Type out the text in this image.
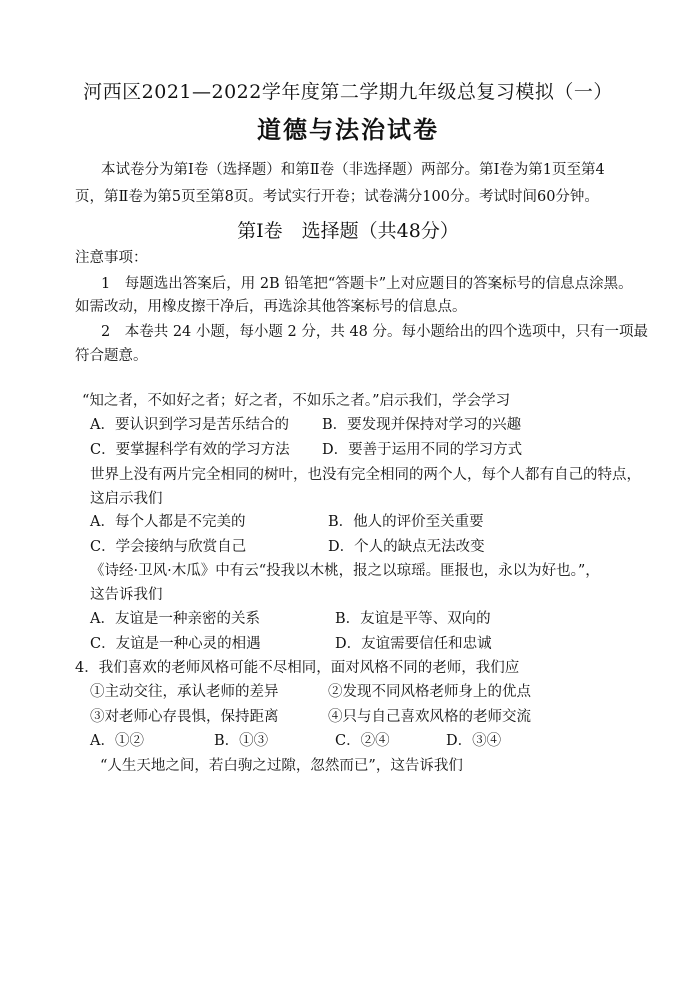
河西区2021—2022学年度第二学期九年级总复习模拟（一）
道德与法治试卷
本试卷分为第Ⅰ卷（选择题）和第Ⅱ卷（非选择题）两部分。第Ⅰ卷为第1页至第4
页，第Ⅱ卷为第5页至第8页。考试实行开卷；试卷满分100分。考试时间60分钟。
第Ⅰ卷　选择题（共48分）
注意事项：
1　每题选出答案后，用 2B 铅笔把“答题卡”上对应题目的答案标号的信息点涂黑。
如需改动，用橡皮擦干净后，再选涂其他答案标号的信息点。
2　本卷共 24 小题，每小题 2 分，共 48 分。每小题给出的四个选项中，只有一项最
符合题意。
“知之者，不如好之者；好之者，不如乐之者。”启示我们，学会学习
A．要认识到学习是苦乐结合的 B．要发现并保持对学习的兴趣
C．要掌握科学有效的学习方法 D．要善于运用不同的学习方式
世界上没有两片完全相同的树叶，也没有完全相同的两个人，每个人都有自己的特点，
这启示我们
A．每个人都是不完美的	B．他人的评价至关重要
C．学会接纳与欣赏自己	D．个人的缺点无法改变
《诗经·卫风·木瓜》中有云“投我以木桃，报之以琼瑶。匪报也，永以为好也。”，
这告诉我们
A．友谊是一种亲密的关系	B．友谊是平等、双向的
C．友谊是一种心灵的相遇	D．友谊需要信任和忠诚
4．我们喜欢的老师风格可能不尽相同，面对风格不同的老师，我们应
①主动交往，承认老师的差异	②发现不同风格老师身上的优点
③对老师心存畏惧，保持距离	④只与自己喜欢风格的老师交流
A．①②	B．①③	C．②④	D．③④
“人生天地之间，若白驹之过隙，忽然而已”，这告诉我们
